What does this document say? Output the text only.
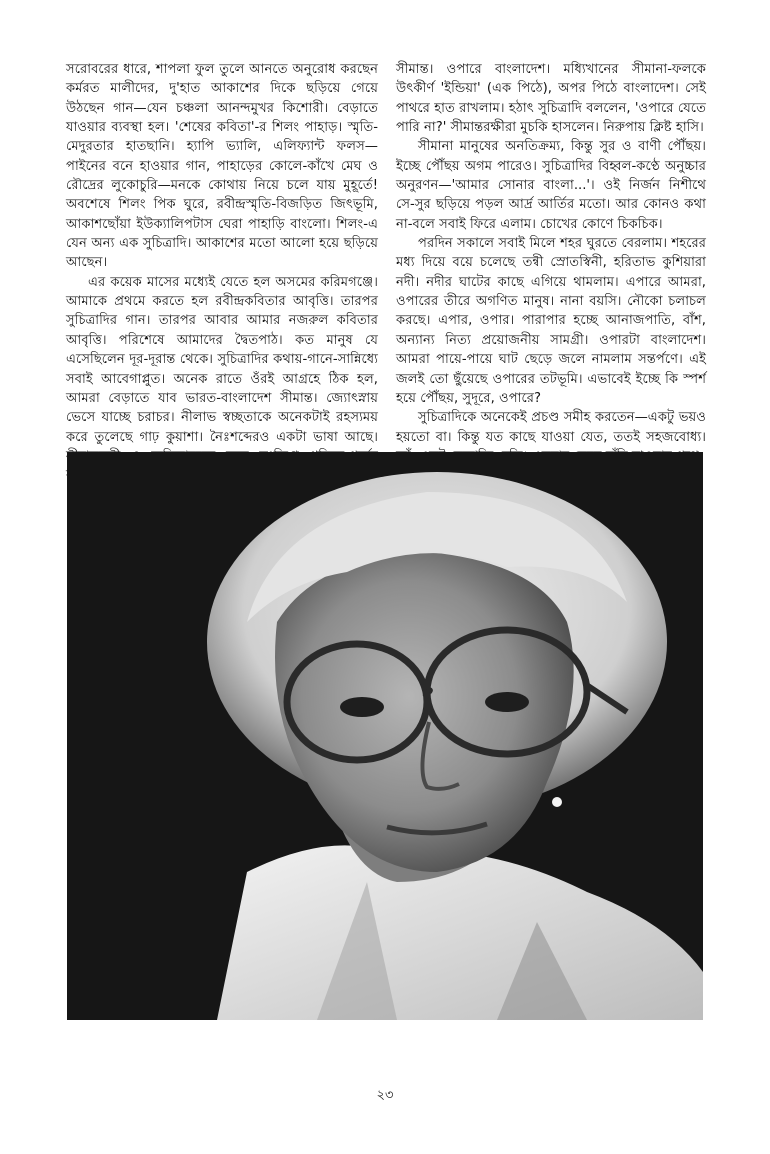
সরোবরের ধারে, শাপলা ফুল তুলে আনতে অনুরোধ করছেন কর্মরত মালীদের, দু'হাত আকাশের দিকে ছড়িয়ে গেয়ে উঠছেন গান—যেন চঞ্চলা আনন্দমুখর কিশোরী। বেড়াতে যাওয়ার ব্যবস্থা হল। 'শেষের কবিতা'-র শিলং পাহাড়। স্মৃতি-মেদুরতার হাতছানি। হ্যাপি ভ্যালি, এলিফ্যান্ট ফলস—পাইনের বনে হাওয়ার গান, পাহাড়ের কোলে-কাঁখে মেঘ ও রৌদ্রের লুকোচুরি—মনকে কোথায় নিয়ে চলে যায় মুহূর্তে! অবশেষে শিলং পিক ঘুরে, রবীন্দ্রস্মৃতি-বিজড়িত জিৎভূমি, আকাশছোঁয়া ইউক্যালিপটাস ঘেরা পাহাড়ি বাংলো। শিলং-এ যেন অন্য এক সুচিত্রাদি। আকাশের মতো আলো হয়ে ছড়িয়ে আছেন।

এর কয়েক মাসের মধ্যেই যেতে হল অসমের করিমগঞ্জে। আমাকে প্রথমে করতে হল রবীন্দ্রকবিতার আবৃত্তি। তারপর সুচিত্রাদির গান। তারপর আবার আমার নজরুল কবিতার আবৃত্তি। পরিশেষে আমাদের দ্বৈতপাঠ। কত মানুষ যে এসেছিলেন দূর-দূরান্ত থেকে। সুচিত্রাদির কথায়-গানে-সান্নিধ্যে সবাই আবেগাপ্লুত। অনেক রাতে ওঁরই আগ্রহে ঠিক হল, আমরা বেড়াতে যাব ভারত-বাংলাদেশ সীমান্ত। জ্যোৎস্নায় ভেসে যাচ্ছে চরাচর। নীলাভ স্বচ্ছতাকে অনেকটাই রহস্যময় করে তুলেছে গাঢ় কুয়াশা। নৈঃশব্দেরও একটা ভাষা আছে।

সীমান্ত। ওপারে বাংলাদেশ। মধ্যিখানের সীমানা-ফলকে উৎকীর্ণ 'ইন্ডিয়া' (এক পিঠে), অপর পিঠে বাংলাদেশ। সেই পাথরে হাত রাখলাম। হঠাৎ সুচিত্রাদি বললেন, 'ওপারে যেতে পারি না?' সীমান্তরক্ষীরা মুচকি হাসলেন। নিরুপায় ক্লিষ্ট হাসি।

সীমানা মানুষের অনতিক্রম্য, কিন্তু সুর ও বাণী পৌঁছয়। ইচ্ছে পৌঁছয় অগম পারেও। সুচিত্রাদির বিহ্বল-কণ্ঠে অনুচ্চার অনুরণন—'আমার সোনার বাংলা...'। ওই নির্জন নিশীথে সে-সুর ছড়িয়ে পড়ল আর্দ্র আর্তির মতো। আর কোনও কথা না-বলে সবাই ফিরে এলাম। চোখের কোণে চিকচিক।

পরদিন সকালে সবাই মিলে শহর ঘুরতে বেরলাম। শহরের মধ্য দিয়ে বয়ে চলেছে তন্বী স্রোতস্বিনী, হরিতাভ কুশিয়ারা নদী। নদীর ঘাটের কাছে এগিয়ে থামলাম। এপারে আমরা, ওপারের তীরে অগণিত মানুষ। নানা বয়সি। নৌকো চলাচল করছে। এপার, ওপার। পারাপার হচ্ছে আনাজপাতি, বাঁশ, অন্যান্য নিত্য প্রয়োজনীয় সামগ্রী। ওপারটা বাংলাদেশ। আমরা পায়ে-পায়ে ঘাট ছেড়ে জলে নামলাম সন্তর্পণে। এই জলই তো ছুঁয়েছে ওপারের তটভূমি। এভাবেই ইচ্ছে কি স্পর্শ হয়ে পৌঁছয়, সুদূরে, ওপারে?

সুচিত্রাদিকে অনেকেই প্রচণ্ড সমীহ করতেন—একটু ভয়ও হয়তো বা। কিন্তু যত কাছে যাওয়া যেত, ততই সহজবোধ্য।

২৩
